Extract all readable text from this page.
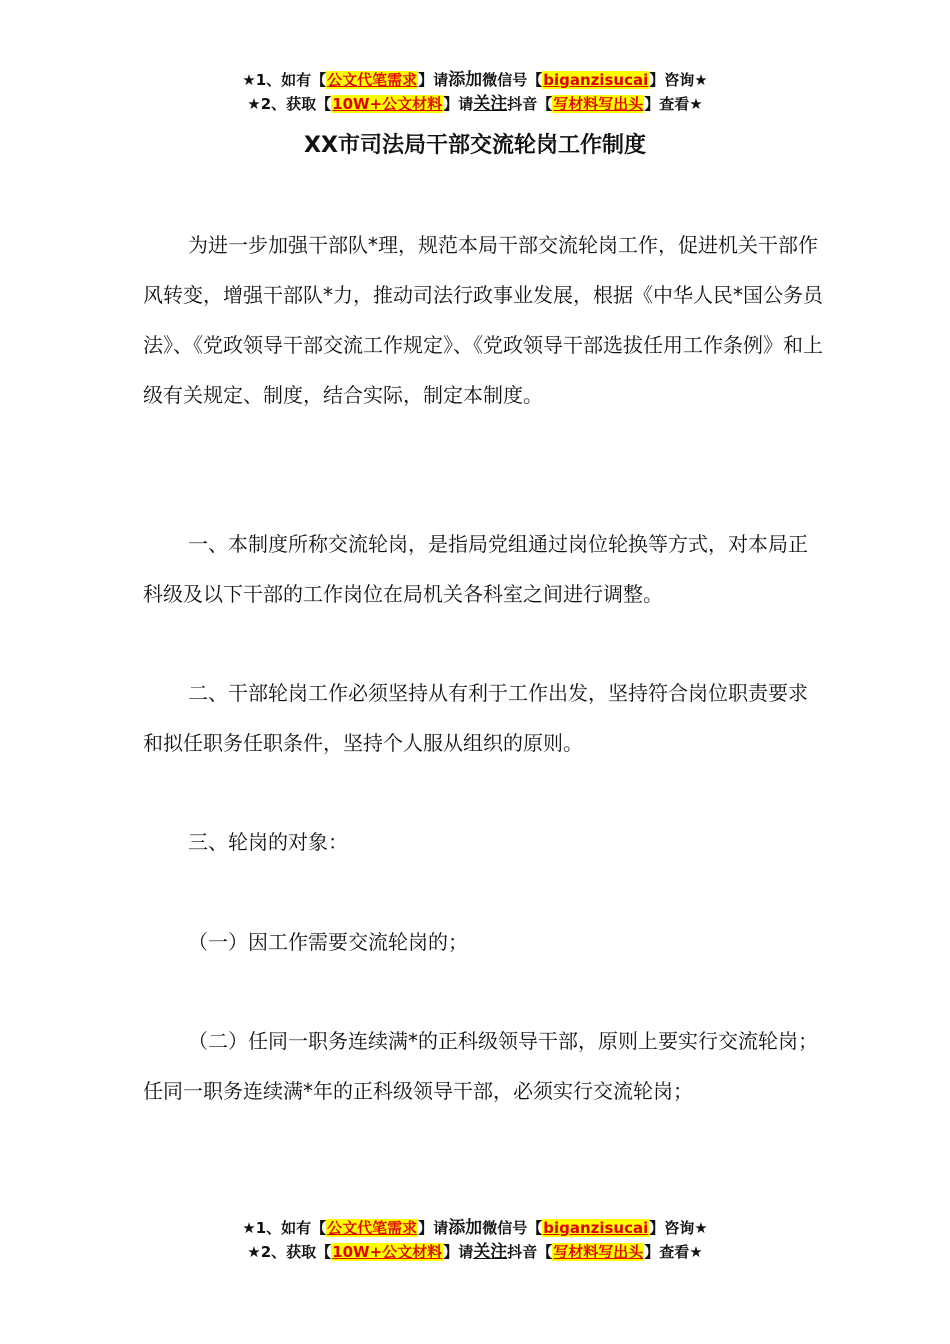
★1、如有【公文代笔需求】请添加微信号【biganzisucai】咨询★
★2、获取【10W+公文材料】请关注抖音【写材料写出头】查看★
XX市司法局干部交流轮岗工作制度

为进一步加强干部队*理，规范本局干部交流轮岗工作，促进机关干部作风转变，增强干部队*力，推动司法行政事业发展，根据《中华人民*国公务员法》、《党政领导干部交流工作规定》、《党政领导干部选拔任用工作条例》和上级有关规定、制度，结合实际，制定本制度。

一、本制度所称交流轮岗，是指局党组通过岗位轮换等方式，对本局正科级及以下干部的工作岗位在局机关各科室之间进行调整。

二、干部轮岗工作必须坚持从有利于工作出发，坚持符合岗位职责要求和拟任职务任职条件，坚持个人服从组织的原则。

三、轮岗的对象：

（一）因工作需要交流轮岗的；

（二）任同一职务连续满*的正科级领导干部，原则上要实行交流轮岗；任同一职务连续满*年的正科级领导干部，必须实行交流轮岗；

★1、如有【公文代笔需求】请添加微信号【biganzisucai】咨询★
★2、获取【10W+公文材料】请关注抖音【写材料写出头】查看★
